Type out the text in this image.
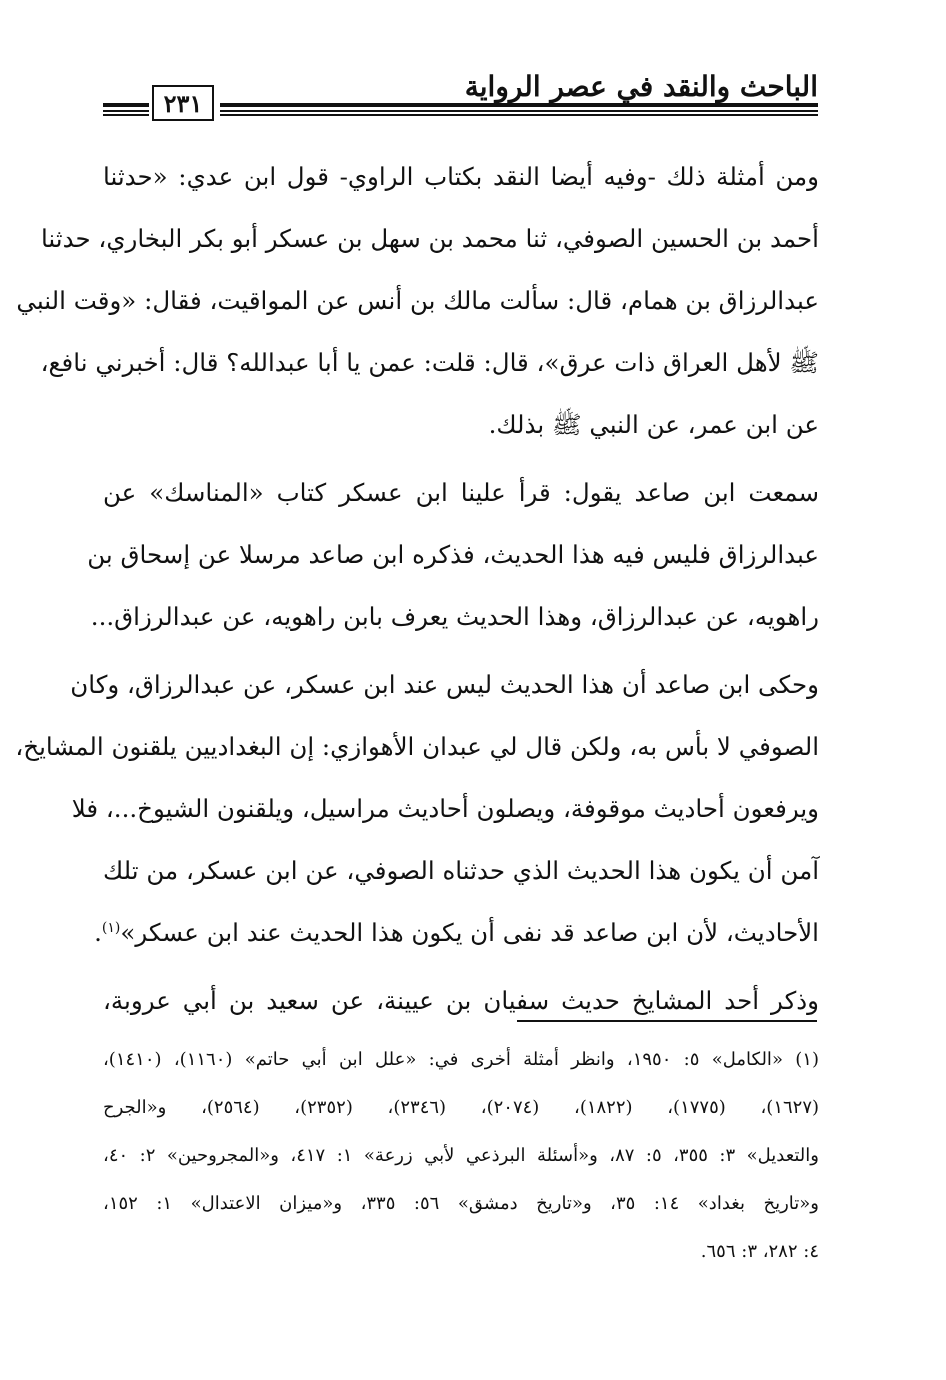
الباحث والنقد في عصر الرواية
٢٣١
ومن أمثلة ذلك -وفيه أيضا النقد بكتاب الراوي- قول ابن عدي: «حدثنا
أحمد بن الحسين الصوفي، ثنا محمد بن سهل بن عسكر أبو بكر البخاري، حدثنا
عبدالرزاق بن همام، قال: سألت مالك بن أنس عن المواقيت، فقال: «وقت النبي
ﷺ لأهل العراق ذات عرق»، قال: قلت: عمن يا أبا عبدالله؟ قال: أخبرني نافع،
عن ابن عمر، عن النبي ﷺ بذلك.
سمعت ابن صاعد يقول: قرأ علينا ابن عسكر كتاب «المناسك» عن
عبدالرزاق فليس فيه هذا الحديث، فذكره ابن صاعد مرسلا عن إسحاق بن
راهويه، عن عبدالرزاق، وهذا الحديث يعرف بابن راهويه، عن عبدالرزاق...
وحكى ابن صاعد أن هذا الحديث ليس عند ابن عسكر، عن عبدالرزاق، وكان
الصوفي لا بأس به، ولكن قال لي عبدان الأهوازي: إن البغداديين يلقنون المشايخ،
ويرفعون أحاديث موقوفة، ويصلون أحاديث مراسيل، ويلقنون الشيوخ...، فلا
آمن أن يكون هذا الحديث الذي حدثناه الصوفي، عن ابن عسكر، من تلك
الأحاديث، لأن ابن صاعد قد نفى أن يكون هذا الحديث عند ابن عسكر»$^{(١)}$.
وذكر أحد المشايخ حديث سفيان بن عيينة، عن سعيد بن أبي عروبة،
(١) «الكامل» ٥: ١٩٥٠، وانظر أمثلة أخرى في: «علل ابن أبي حاتم» (١١٦٠)، (١٤١٠)،
(١٦٢٧)، (١٧٧٥)، (١٨٢٢)، (٢٠٧٤)، (٢٣٤٦)، (٢٣٥٢)، (٢٥٦٤)، و«الجرح
والتعديل» ٣: ٣٥٥، ٥: ٨٧، و«أسئلة البرذعي لأبي زرعة» ١: ٤١٧، و«المجروحين» ٢: ٤٠،
و«تاريخ بغداد» ١٤: ٣٥، و«تاريخ دمشق» ٥٦: ٣٣٥، و«ميزان الاعتدال» ١: ١٥٢،
٤: ٢٨٢، ٣: ٦٥٦.
